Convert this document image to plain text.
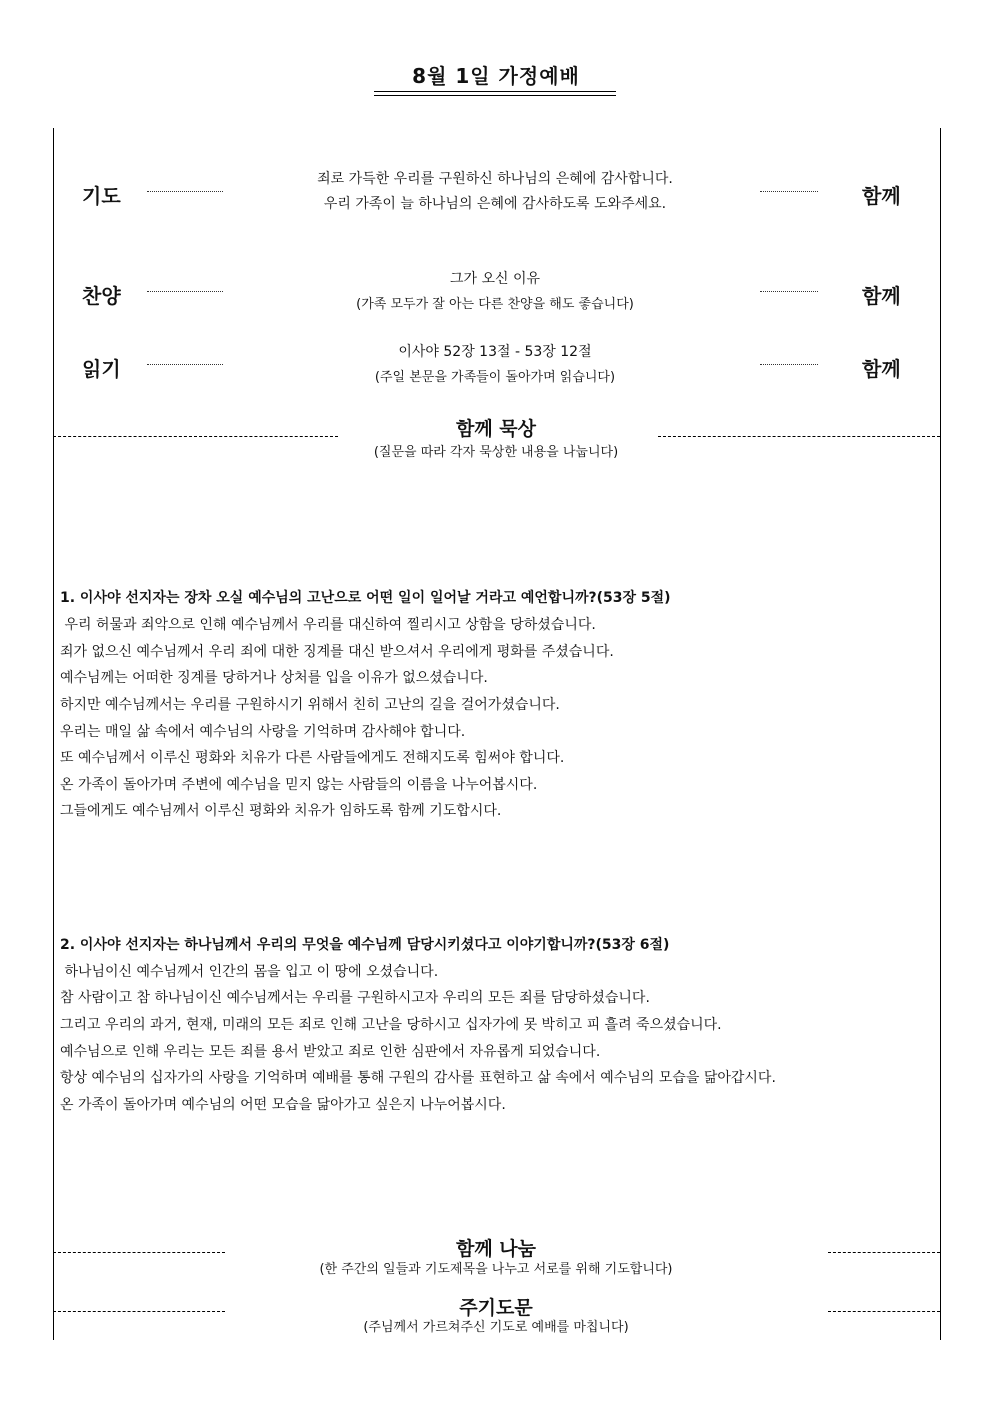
8월 1일 가정예배
기도
죄로 가득한 우리를 구원하신 하나님의 은혜에 감사합니다.
우리 가족이 늘 하나님의 은혜에 감사하도록 도와주세요.	함께
찬양
그가 오신 이유
(가족 모두가 잘 아는 다른 찬양을 해도 좋습니다)	함께
읽기
이사야 52장 13절 - 53장 12절
(주일 본문을 가족들이 돌아가며 읽습니다)	함께
함께 묵상
(질문을 따라 각자 묵상한 내용을 나눕니다)
1. 이사야 선지자는 장차 오실 예수님의 고난으로 어떤 일이 일어날 거라고 예언합니까?(53장 5절)
우리 허물과 죄악으로 인해 예수님께서 우리를 대신하여 찔리시고 상함을 당하셨습니다.
죄가 없으신 예수님께서 우리 죄에 대한 징계를 대신 받으셔서 우리에게 평화를 주셨습니다.
예수님께는 어떠한 징계를 당하거나 상처를 입을 이유가 없으셨습니다.
하지만 예수님께서는 우리를 구원하시기 위해서 친히 고난의 길을 걸어가셨습니다.
우리는 매일 삶 속에서 예수님의 사랑을 기억하며 감사해야 합니다.
또 예수님께서 이루신 평화와 치유가 다른 사람들에게도 전해지도록 힘써야 합니다.
온 가족이 돌아가며 주변에 예수님을 믿지 않는 사람들의 이름을 나누어봅시다.
그들에게도 예수님께서 이루신 평화와 치유가 임하도록 함께 기도합시다.
2. 이사야 선지자는 하나님께서 우리의 무엇을 예수님께 담당시키셨다고 이야기합니까?(53장 6절)
하나님이신 예수님께서 인간의 몸을 입고 이 땅에 오셨습니다.
참 사람이고 참 하나님이신 예수님께서는 우리를 구원하시고자 우리의 모든 죄를 담당하셨습니다.
그리고 우리의 과거, 현재, 미래의 모든 죄로 인해 고난을 당하시고 십자가에 못 박히고 피 흘려 죽으셨습니다.
예수님으로 인해 우리는 모든 죄를 용서 받았고 죄로 인한 심판에서 자유롭게 되었습니다.
항상 예수님의 십자가의 사랑을 기억하며 예배를 통해 구원의 감사를 표현하고 삶 속에서 예수님의 모습을 닮아갑시다.
온 가족이 돌아가며 예수님의 어떤 모습을 닮아가고 싶은지 나누어봅시다.
함께 나눔
(한 주간의 일들과 기도제목을 나누고 서로를 위해 기도합니다)
주기도문
(주님께서 가르쳐주신 기도로 예배를 마칩니다)
